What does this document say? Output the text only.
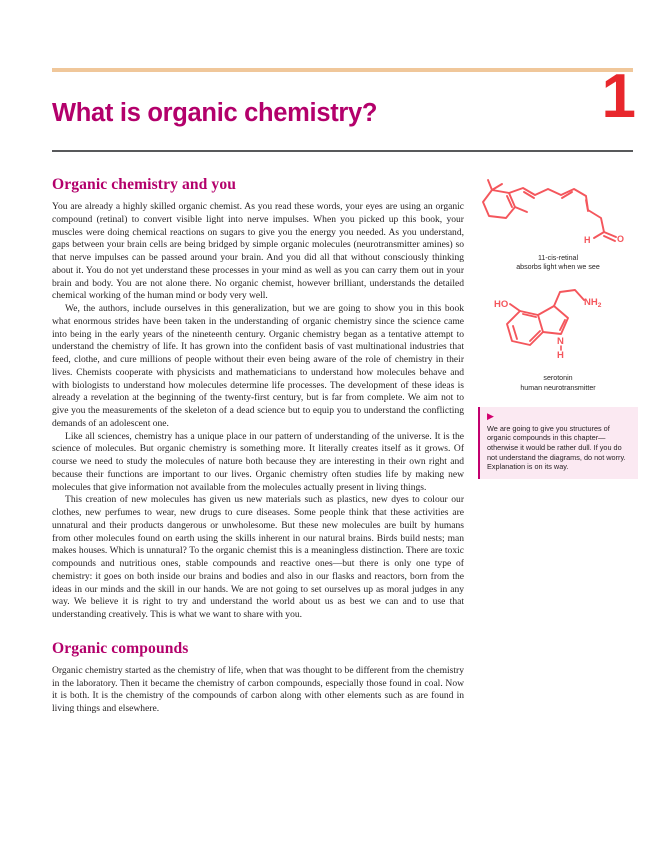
What is organic chemistry?	1
Organic chemistry and you

You are already a highly skilled organic chemist. As you read these words, your eyes are using an organic compound (retinal) to convert visible light into nerve impulses. When you picked up this book, your muscles were doing chemical reactions on sugars to give you the energy you needed. As you understand, gaps between your brain cells are being bridged by simple organic molecules (neurotransmitter amines) so that nerve impulses can be passed around your brain. And you did all that without consciously thinking about it. You do not yet understand these processes in your mind as well as you can carry them out in your brain and body. You are not alone there. No organic chemist, however brilliant, understands the detailed chemical working of the human mind or body very well.

We, the authors, include ourselves in this generalization, but we are going to show you in this book what enormous strides have been taken in the understanding of organic chemistry since the science came into being in the early years of the nineteenth century. Organic chemistry began as a tentative attempt to understand the chemistry of life. It has grown into the confident basis of vast multinational industries that feed, clothe, and cure millions of people without their even being aware of the role of chemistry in their lives. Chemists cooperate with physicists and mathematicians to understand how molecules behave and with biologists to understand how molecules determine life processes. The development of these ideas is already a revelation at the beginning of the twenty-first century, but is far from complete. We aim not to give you the measurements of the skeleton of a dead science but to equip you to understand the conflicting demands of an adolescent one.

Like all sciences, chemistry has a unique place in our pattern of understanding of the universe. It is the science of molecules. But organic chemistry is something more. It literally creates itself as it grows. Of course we need to study the molecules of nature both because they are interesting in their own right and because their functions are important to our lives. Organic chemistry often studies life by making new molecules that give information not available from the molecules actually present in living things.

This creation of new molecules has given us new materials such as plastics, new dyes to colour our clothes, new perfumes to wear, new drugs to cure diseases. Some people think that these activities are unnatural and their products dangerous or unwholesome. But these new molecules are built by humans from other molecules found on earth using the skills inherent in our natural brains. Birds build nests; man makes houses. Which is unnatural? To the organic chemist this is a meaningless distinction. There are toxic compounds and nutritious ones, stable compounds and reactive ones—but there is only one type of chemistry: it goes on both inside our brains and bodies and also in our flasks and reactors, born from the ideas in our minds and the skill in our hands. We are not going to set ourselves up as moral judges in any way. We believe it is right to try and understand the world about us as best we can and to use that understanding creatively. This is what we want to share with you.

Organic compounds

Organic chemistry started as the chemistry of life, when that was thought to be different from the chemistry in the laboratory. Then it became the chemistry of carbon compounds, especially those found in coal. Now it is both. It is the chemistry of the compounds of carbon along with other elements such as are found in living things and elsewhere.

H	O
11-cis-retinal
absorbs light when we see
HO	$NH_2$
N
H
serotonin
human neurotransmitter
▶
We are going to give you structures of organic compounds in this chapter—otherwise it would be rather dull. If you do not understand the diagrams, do not worry. Explanation is on its way.
